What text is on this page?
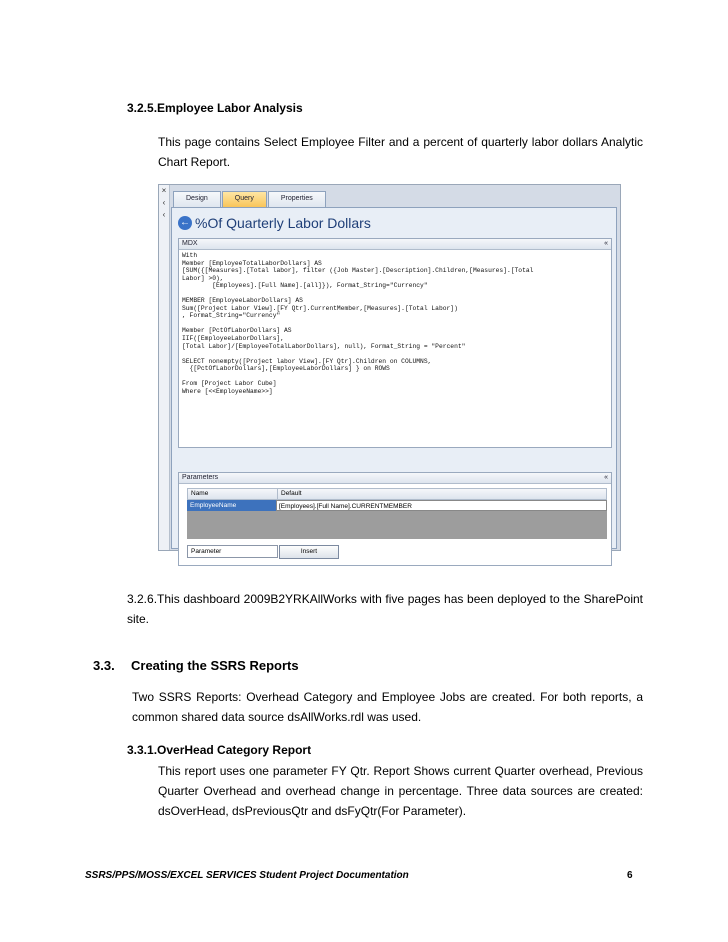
3.2.5.Employee Labor Analysis
This page contains Select Employee Filter and a percent of quarterly labor dollars Analytic Chart Report.
×
‹
‹
Design	Query	Properties
← %Of Quarterly Labor Dollars
MDX	«
With
Member [EmployeeTotalLaborDollars] AS
[SUM({[Measures].[Total labor], filter ({Job Master].[Description].Children,[Measures].[Total
Labor] >0),
[Employees].[Full Name].[all]}), Format_String="Currency"

MEMBER [EmployeeLaborDollars] AS
Sum([Project Labor View].[FY Qtr].CurrentMember,[Measures].[Total Labor])
, Format_String="Currency"

Member [PctOfLaborDollars] AS
IIF([EmployeeLaborDollars],
[Total Labor]/[EmployeeTotalLaborDollars], null), Format_String = "Percent"

SELECT nonempty([Project labor View].[FY Qtr].Children on COLUMNS,
{[PctOfLaborDollars],[EmployeeLaborDollars] } on ROWS

From [Project Labor Cube]
Where [<<EmployeeName>>]
Parameters	«
Name	Default
EmployeeName	[Employees].[Full Name].CURRENTMEMBER
Parameter	Insert
3.2.6.This dashboard 2009B2YRKAllWorks with five pages has been deployed to the SharePoint site.
3.3. Creating the SSRS Reports
Two SSRS Reports: Overhead Category and Employee Jobs are created. For both reports, a common shared data source dsAllWorks.rdl was used.
3.3.1.OverHead Category Report
This report uses one parameter FY Qtr. Report Shows current Quarter overhead, Previous Quarter Overhead and overhead change in percentage. Three data sources are created: dsOverHead, dsPreviousQtr and dsFyQtr(For Parameter).
SSRS/PPS/MOSS/EXCEL SERVICES Student Project Documentation	6
